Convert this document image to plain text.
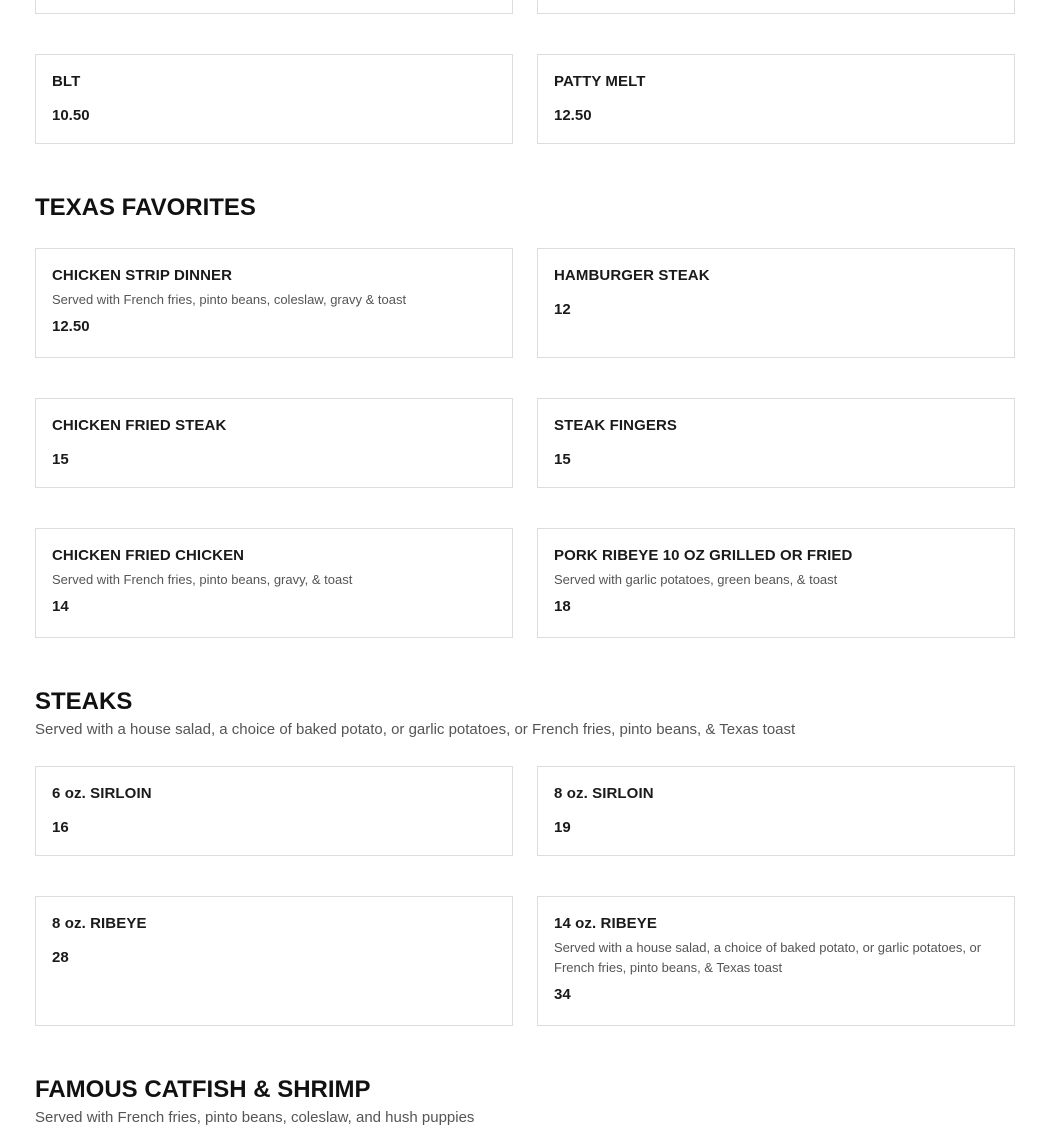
BLT
10.50
PATTY MELT
12.50
TEXAS FAVORITES
CHICKEN STRIP DINNER
Served with French fries, pinto beans, coleslaw, gravy & toast
12.50
HAMBURGER STEAK
12
CHICKEN FRIED STEAK
15
STEAK FINGERS
15
CHICKEN FRIED CHICKEN
Served with French fries, pinto beans, gravy, & toast
14
PORK RIBEYE 10 OZ GRILLED OR FRIED
Served with garlic potatoes, green beans, & toast
18
STEAKS

Served with a house salad, a choice of baked potato, or garlic potatoes, or French fries, pinto beans, & Texas toast

6 oz. SIRLOIN
16
8 oz. SIRLOIN
19
8 oz. RIBEYE
28
14 oz. RIBEYE
Served with a house salad, a choice of baked potato, or garlic potatoes, or French fries, pinto beans, & Texas toast
34
FAMOUS CATFISH & SHRIMP

Served with French fries, pinto beans, coleslaw, and hush puppies
